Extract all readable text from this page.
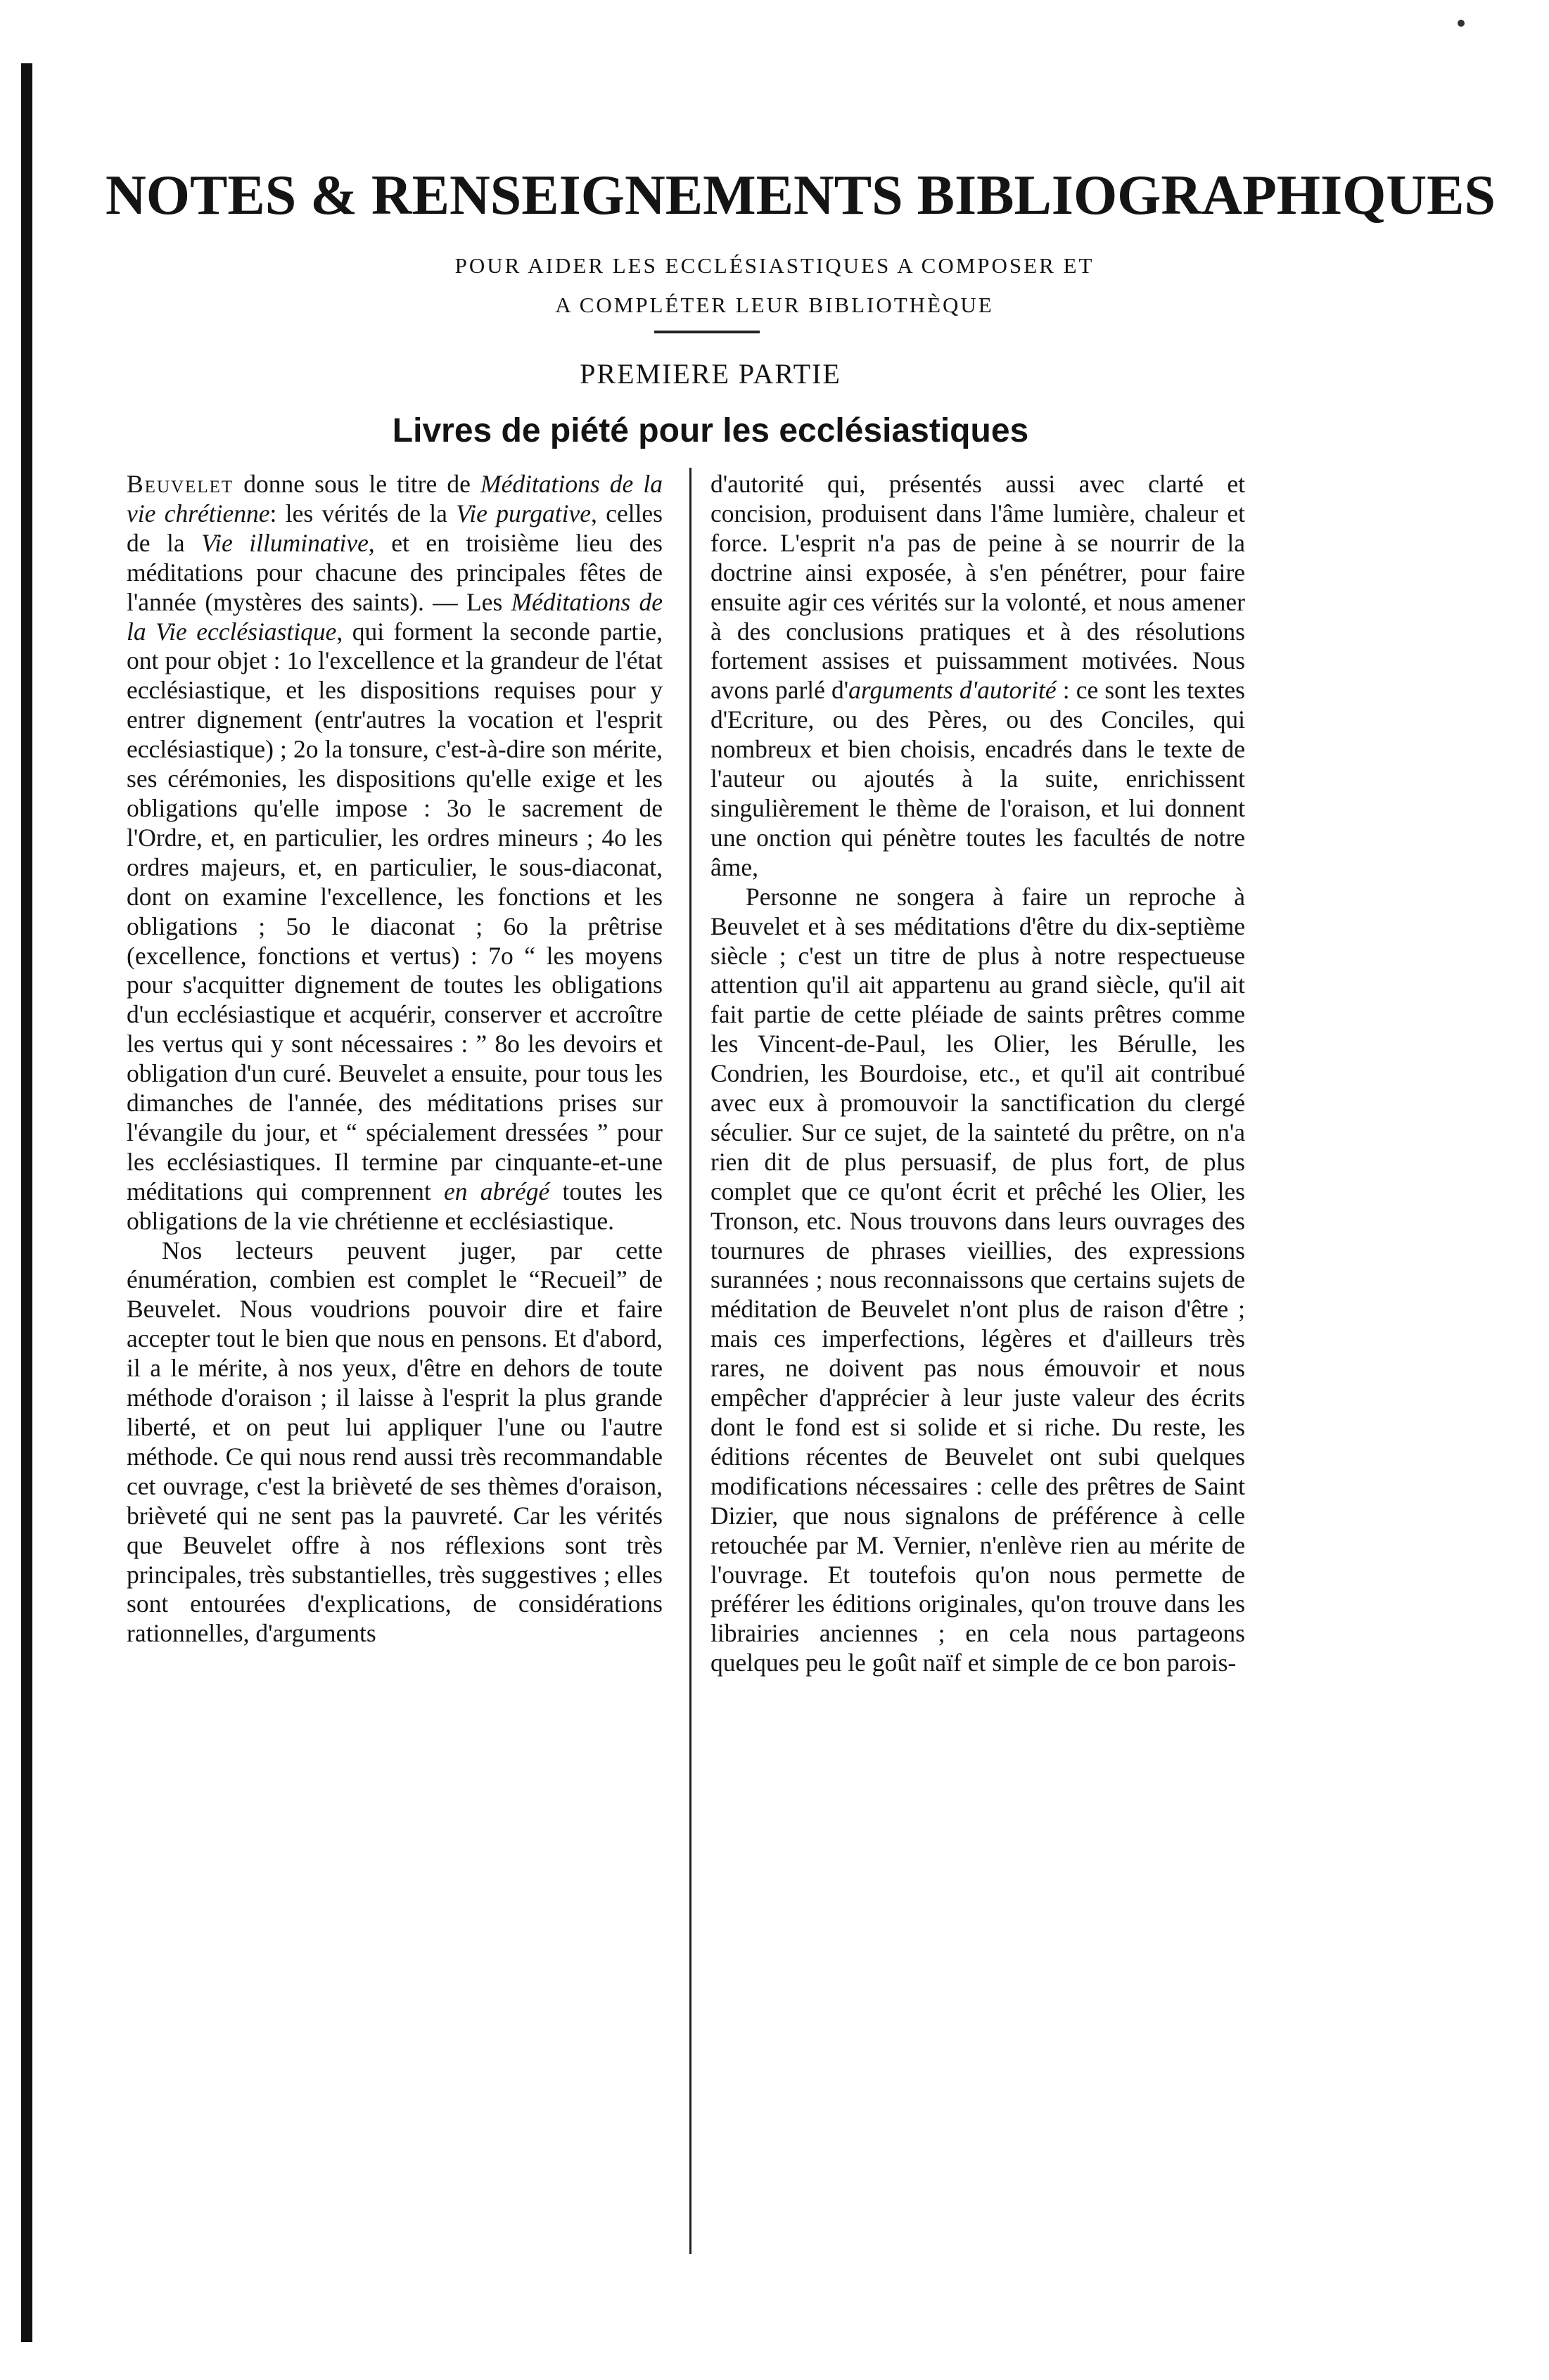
NOTES & RENSEIGNEMENTS BIBLIOGRAPHIQUES
POUR AIDER LES ECCLÉSIASTIQUES A COMPOSER ET
A COMPLÉTER LEUR BIBLIOTHÈQUE
PREMIERE PARTIE
Livres de piété pour les ecclésiastiques

Beuvelet donne sous le titre de Méditations de la vie chrétienne: les vérités de la Vie purgative, celles de la Vie illuminative, et en troisième lieu des méditations pour chacune des principales fêtes de l'année (mystères des saints). — Les Méditations de la Vie ecclésiastique, qui forment la seconde partie, ont pour objet : 1o l'excellence et la grandeur de l'état ecclésiastique, et les dispositions requises pour y entrer dignement (entr'autres la vocation et l'esprit ecclésiastique) ; 2o la tonsure, c'est-à-dire son mérite, ses cérémonies, les dispositions qu'elle exige et les obligations qu'elle impose : 3o le sacrement de l'Ordre, et, en particulier, les ordres mineurs ; 4o les ordres majeurs, et, en particulier, le sous-diaconat, dont on examine l'excellence, les fonctions et les obligations ; 5o le diaconat ; 6o la prêtrise (excellence, fonctions et vertus) : 7o “ les moyens pour s'acquitter dignement de toutes les obligations d'un ecclésiastique et acquérir, conserver et accroître les vertus qui y sont nécessaires : ” 8o les devoirs et obligation d'un curé. Beuvelet a ensuite, pour tous les dimanches de l'année, des méditations prises sur l'évangile du jour, et “ spécialement dressées ” pour les ecclésiastiques. Il termine par cinquante-et-une méditations qui comprennent en abrégé toutes les obligations de la vie chrétienne et ecclésiastique.

Nos lecteurs peuvent juger, par cette énumération, combien est complet le “Recueil” de Beuvelet. Nous voudrions pouvoir dire et faire accepter tout le bien que nous en pensons. Et d'abord, il a le mérite, à nos yeux, d'être en dehors de toute méthode d'oraison ; il laisse à l'esprit la plus grande liberté, et on peut lui appliquer l'une ou l'autre méthode. Ce qui nous rend aussi très recommandable cet ouvrage, c'est la brièveté de ses thèmes d'oraison, brièveté qui ne sent pas la pauvreté. Car les vérités que Beuvelet offre à nos réflexions sont très principales, très substantielles, très suggestives ; elles sont entourées d'explications, de considérations rationnelles, d'arguments

d'autorité qui, présentés aussi avec clarté et concision, produisent dans l'âme lumière, chaleur et force. L'esprit n'a pas de peine à se nourrir de la doctrine ainsi exposée, à s'en pénétrer, pour faire ensuite agir ces vérités sur la volonté, et nous amener à des conclusions pratiques et à des résolutions fortement assises et puissamment motivées. Nous avons parlé d'arguments d'autorité : ce sont les textes d'Ecriture, ou des Pères, ou des Conciles, qui nombreux et bien choisis, encadrés dans le texte de l'auteur ou ajoutés à la suite, enrichissent singulièrement le thème de l'oraison, et lui donnent une onction qui pénètre toutes les facultés de notre âme,

Personne ne songera à faire un reproche à Beuvelet et à ses méditations d'être du dix-septième siècle ; c'est un titre de plus à notre respectueuse attention qu'il ait appartenu au grand siècle, qu'il ait fait partie de cette pléiade de saints prêtres comme les Vincent-de-Paul, les Olier, les Bérulle, les Condrien, les Bourdoise, etc., et qu'il ait contribué avec eux à promouvoir la sanctification du clergé séculier. Sur ce sujet, de la sainteté du prêtre, on n'a rien dit de plus persuasif, de plus fort, de plus complet que ce qu'ont écrit et prêché les Olier, les Tronson, etc. Nous trouvons dans leurs ouvrages des tournures de phrases vieillies, des expressions surannées ; nous reconnaissons que certains sujets de méditation de Beuvelet n'ont plus de raison d'être ; mais ces imperfections, légères et d'ailleurs très rares, ne doivent pas nous émouvoir et nous empêcher d'apprécier à leur juste valeur des écrits dont le fond est si solide et si riche. Du reste, les éditions récentes de Beuvelet ont subi quelques modifications nécessaires : celle des prêtres de Saint Dizier, que nous signalons de préférence à celle retouchée par M. Vernier, n'enlève rien au mérite de l'ouvrage. Et toutefois qu'on nous permette de préférer les éditions originales, qu'on trouve dans les librairies anciennes ; en cela nous partageons quelques peu le goût naïf et simple de ce bon parois-
